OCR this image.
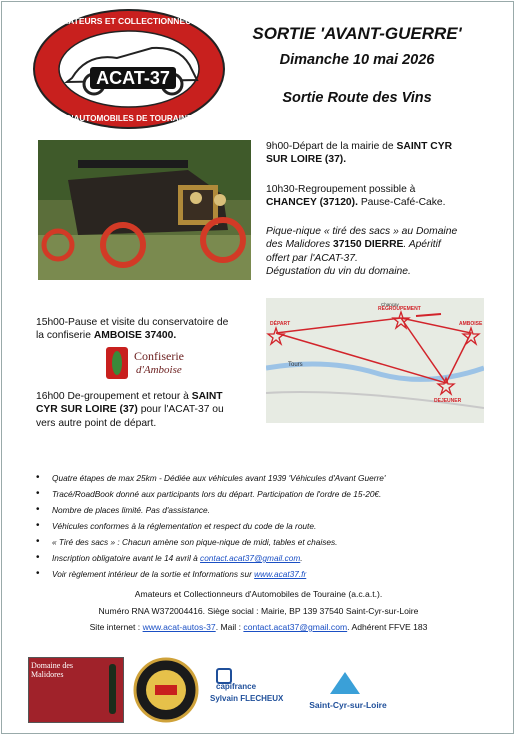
ACAT-37
AMATEURS ET COLLECTIONNEURS
D'AUTOMOBILES DE TOURAINE
SORTIE 'AVANT-GUERRE'
Dimanche 10 mai 2026
Sortie Route des Vins
9h00-Départ de la mairie de SAINT CYR
SUR LOIRE (37).
10h30-Regroupement possible à
CHANCEY (37120). Pause-Café-Cake.
Pique-nique « tiré des sacs » au Domaine
des Malidores 37150 DIERRE. Apéritif
offert par l'ACAT-37.
Dégustation du vin du domaine.
15h00-Pause et visite du conservatoire de
la confiserie AMBOISE 37400.
Confiserie
d'Amboise
16h00 De-groupement et retour à SAINT
CYR SUR LOIRE (37) pour l'ACAT-37 ou
vers autre point de départ.
DÉPART
REGROUPEMENT
AMBOISE
DEJEUNER
Tours
Chançay
• Quatre étapes de max 25km - Dédiée aux véhicules avant 1939 'Véhicules d'Avant Guerre'
• Tracé/RoadBook donné aux participants lors du départ. Participation de l'ordre de 15-20€.
• Nombre de places limité. Pas d'assistance.
• Véhicules conformes à la réglementation et respect du code de la route.
• « Tiré des sacs » : Chacun amène son pique-nique de midi, tables et chaises.
• Inscription obligatoire avant le 14 avril à contact.acat37@gmail.com.
• Voir règlement intérieur de la sortie et Informations sur www.acat37.fr
Amateurs et Collectionneurs d'Automobiles de Touraine (a.c.a.t.).
Numéro RNA W372004416. Siège social : Mairie, BP 139 37540 Saint-Cyr-sur-Loire
Site internet : www.acat-autos-37. Mail : contact.acat37@gmail.com. Adhérent FFVE 183
Domaine des Malidores
capifrance
Sylvain FLECHEUX
Saint-Cyr-sur-Loire
